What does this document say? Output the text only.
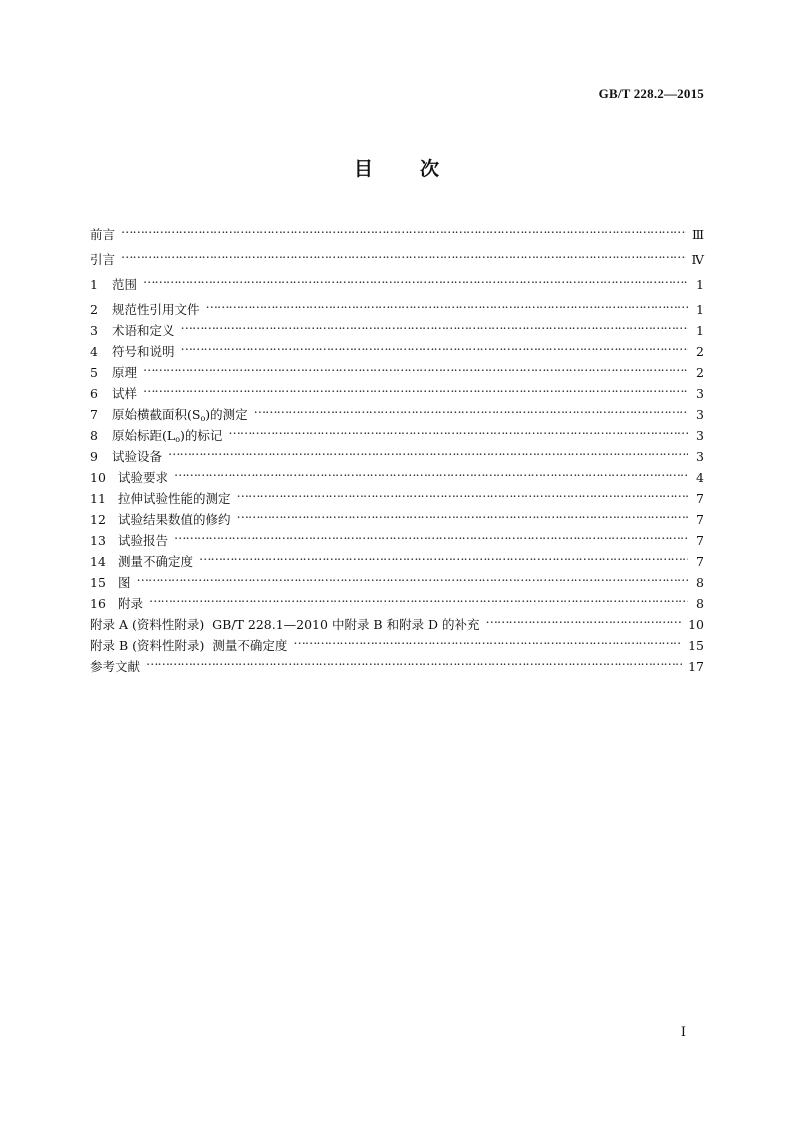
GB/T 228.2—2015
目 次
前言 …………………………………………………………………………………………………………………………………………………………………………………………………………	Ⅲ
引言 …………………………………………………………………………………………………………………………………………………………………………………………………………	Ⅳ
1	范围 …………………………………………………………………………………………………………………………………………………………………………………………………………	1
2	规范性引用文件 …………………………………………………………………………………………………………………………………………………………………………………………………………	1
3	术语和定义 …………………………………………………………………………………………………………………………………………………………………………………………………………	1
4	符号和说明 …………………………………………………………………………………………………………………………………………………………………………………………………………	2
5	原理 …………………………………………………………………………………………………………………………………………………………………………………………………………	2
6	试样 …………………………………………………………………………………………………………………………………………………………………………………………………………	3
7	原始横截面积$(S_o)$的测定 …………………………………………………………………………………………………………………………………………………………………………………………………………	3
8	原始标距$(L_o)$的标记 …………………………………………………………………………………………………………………………………………………………………………………………………………	3
9	试验设备 …………………………………………………………………………………………………………………………………………………………………………………………………………	3
10 试验要求 …………………………………………………………………………………………………………………………………………………………………………………………………………	4
11 拉伸试验性能的测定 …………………………………………………………………………………………………………………………………………………………………………………………………………	7
12 试验结果数值的修约 …………………………………………………………………………………………………………………………………………………………………………………………………………	7
13 试验报告 …………………………………………………………………………………………………………………………………………………………………………………………………………	7
14 测量不确定度 …………………………………………………………………………………………………………………………………………………………………………………………………………	7
15 图 …………………………………………………………………………………………………………………………………………………………………………………………………………	8
16 附录 …………………………………………………………………………………………………………………………………………………………………………………………………………	8
附录 A (资料性附录)  GB/T 228.1—2010 中附录 B 和附录 D 的补充 …………………………………………………………………………………………………………………………………………………………………………………………………………	10
附录 B (资料性附录)  测量不确定度 …………………………………………………………………………………………………………………………………………………………………………………………………………	15
参考文献 …………………………………………………………………………………………………………………………………………………………………………………………………………	17
Ⅰ
